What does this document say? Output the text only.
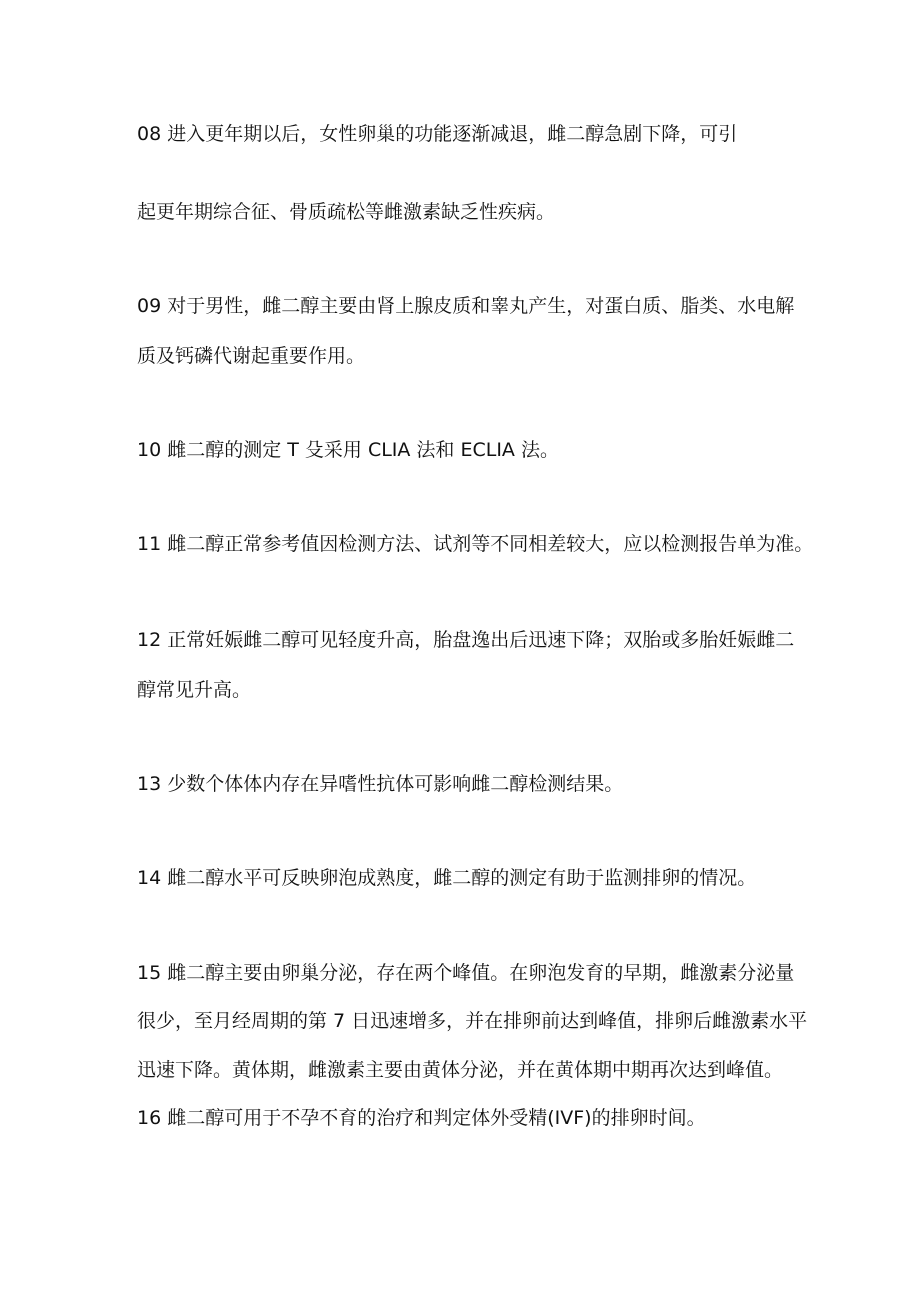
08 进入更年期以后，女性卵巢的功能逐渐减退，雌二醇急剧下降，可引
起更年期综合征、骨质疏松等雌激素缺乏性疾病。
09 对于男性，雌二醇主要由肾上腺皮质和睾丸产生，对蛋白质、脂类、水电解
质及钙磷代谢起重要作用。
10 雌二醇的测定 T 殳采用 CLIA 法和 ECLIA 法。
11 雌二醇正常参考值因检测方法、试剂等不同相差较大，应以检测报告单为准。
12 正常妊娠雌二醇可见轻度升高，胎盘逸出后迅速下降；双胎或多胎妊娠雌二
醇常见升高。
13 少数个体体内存在异嗜性抗体可影响雌二醇检测结果。
14 雌二醇水平可反映卵泡成熟度，雌二醇的测定有助于监测排卵的情况。
15 雌二醇主要由卵巢分泌，存在两个峰值。在卵泡发育的早期，雌激素分泌量
很少，至月经周期的第 7 日迅速增多，并在排卵前达到峰值，排卵后雌激素水平
迅速下降。黄体期，雌激素主要由黄体分泌，并在黄体期中期再次达到峰值。
16 雌二醇可用于不孕不育的治疗和判定体外受精(IVF)的排卵时间。
